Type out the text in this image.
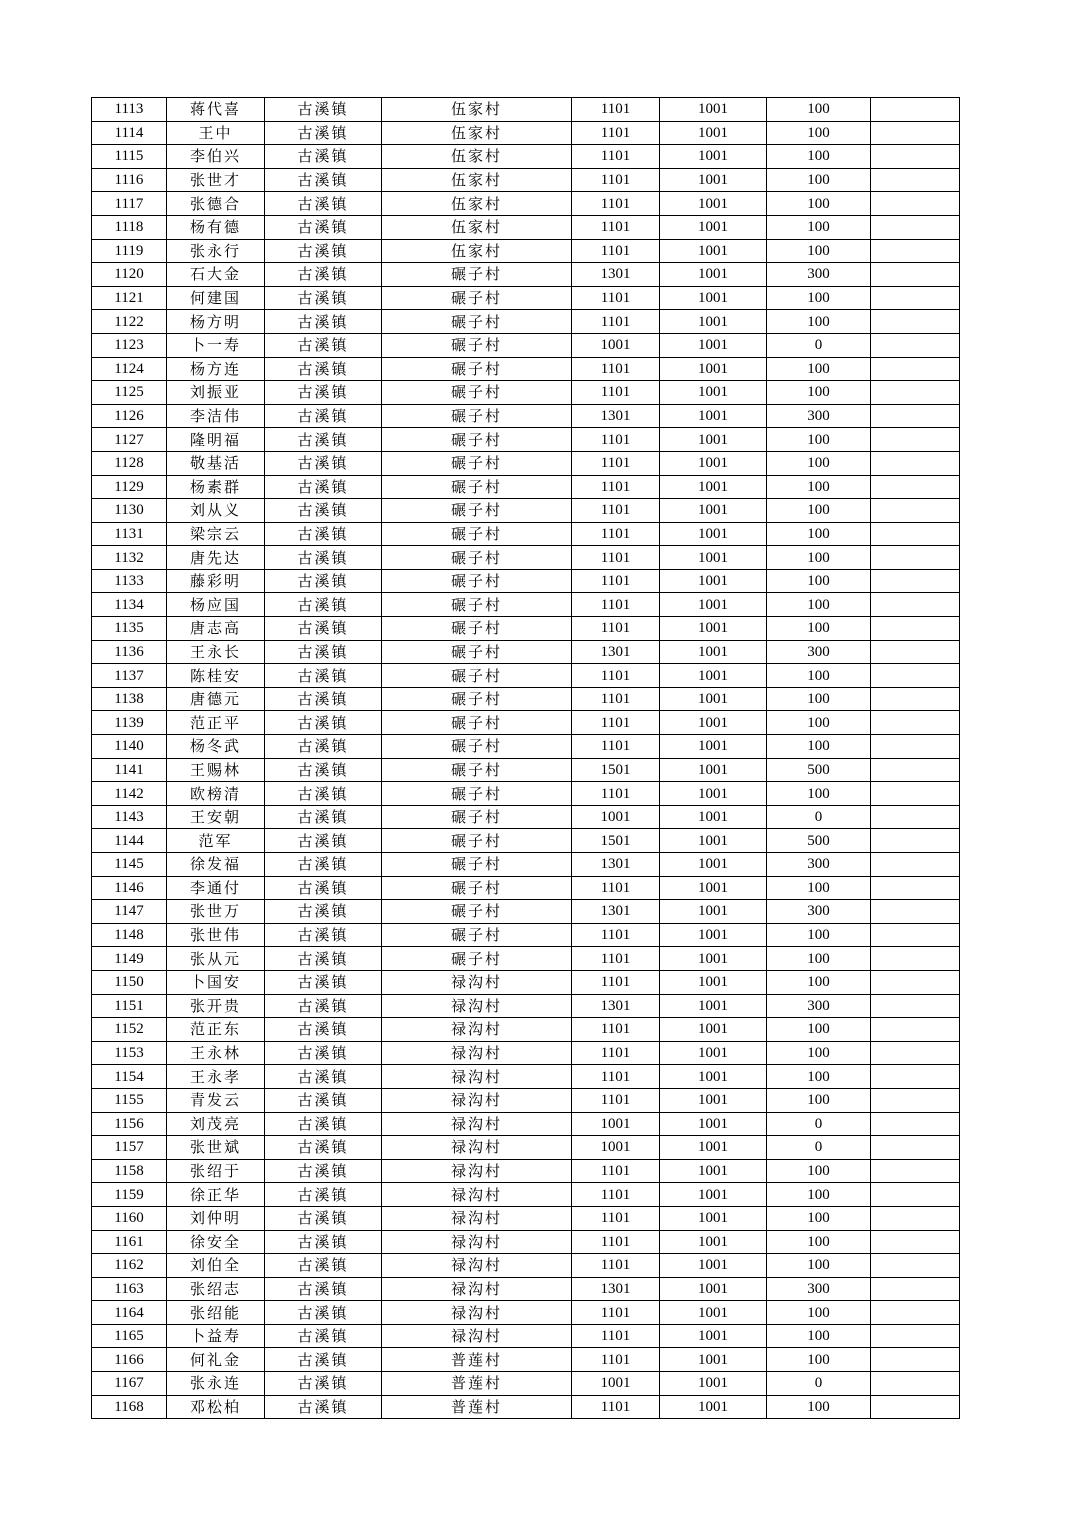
1113	蒋代喜	古溪镇	伍家村	1101	1001	100	
1114	王中	古溪镇	伍家村	1101	1001	100	
1115	李伯兴	古溪镇	伍家村	1101	1001	100	
1116	张世才	古溪镇	伍家村	1101	1001	100	
1117	张德合	古溪镇	伍家村	1101	1001	100	
1118	杨有德	古溪镇	伍家村	1101	1001	100	
1119	张永行	古溪镇	伍家村	1101	1001	100	
1120	石大金	古溪镇	碾子村	1301	1001	300	
1121	何建国	古溪镇	碾子村	1101	1001	100	
1122	杨方明	古溪镇	碾子村	1101	1001	100	
1123	卜一寿	古溪镇	碾子村	1001	1001	0	
1124	杨方连	古溪镇	碾子村	1101	1001	100	
1125	刘振亚	古溪镇	碾子村	1101	1001	100	
1126	李洁伟	古溪镇	碾子村	1301	1001	300	
1127	隆明福	古溪镇	碾子村	1101	1001	100	
1128	敬基活	古溪镇	碾子村	1101	1001	100	
1129	杨素群	古溪镇	碾子村	1101	1001	100	
1130	刘从义	古溪镇	碾子村	1101	1001	100	
1131	梁宗云	古溪镇	碾子村	1101	1001	100	
1132	唐先达	古溪镇	碾子村	1101	1001	100	
1133	藤彩明	古溪镇	碾子村	1101	1001	100	
1134	杨应国	古溪镇	碾子村	1101	1001	100	
1135	唐志高	古溪镇	碾子村	1101	1001	100	
1136	王永长	古溪镇	碾子村	1301	1001	300	
1137	陈桂安	古溪镇	碾子村	1101	1001	100	
1138	唐德元	古溪镇	碾子村	1101	1001	100	
1139	范正平	古溪镇	碾子村	1101	1001	100	
1140	杨冬武	古溪镇	碾子村	1101	1001	100	
1141	王赐林	古溪镇	碾子村	1501	1001	500	
1142	欧榜清	古溪镇	碾子村	1101	1001	100	
1143	王安朝	古溪镇	碾子村	1001	1001	0	
1144	范军	古溪镇	碾子村	1501	1001	500	
1145	徐发福	古溪镇	碾子村	1301	1001	300	
1146	李通付	古溪镇	碾子村	1101	1001	100	
1147	张世万	古溪镇	碾子村	1301	1001	300	
1148	张世伟	古溪镇	碾子村	1101	1001	100	
1149	张从元	古溪镇	碾子村	1101	1001	100	
1150	卜国安	古溪镇	禄沟村	1101	1001	100	
1151	张开贵	古溪镇	禄沟村	1301	1001	300	
1152	范正东	古溪镇	禄沟村	1101	1001	100	
1153	王永林	古溪镇	禄沟村	1101	1001	100	
1154	王永孝	古溪镇	禄沟村	1101	1001	100	
1155	青发云	古溪镇	禄沟村	1101	1001	100	
1156	刘茂亮	古溪镇	禄沟村	1001	1001	0	
1157	张世斌	古溪镇	禄沟村	1001	1001	0	
1158	张绍于	古溪镇	禄沟村	1101	1001	100	
1159	徐正华	古溪镇	禄沟村	1101	1001	100	
1160	刘仲明	古溪镇	禄沟村	1101	1001	100	
1161	徐安全	古溪镇	禄沟村	1101	1001	100	
1162	刘伯全	古溪镇	禄沟村	1101	1001	100	
1163	张绍志	古溪镇	禄沟村	1301	1001	300	
1164	张绍能	古溪镇	禄沟村	1101	1001	100	
1165	卜益寿	古溪镇	禄沟村	1101	1001	100	
1166	何礼金	古溪镇	普莲村	1101	1001	100	
1167	张永连	古溪镇	普莲村	1001	1001	0	
1168	邓松柏	古溪镇	普莲村	1101	1001	100	
